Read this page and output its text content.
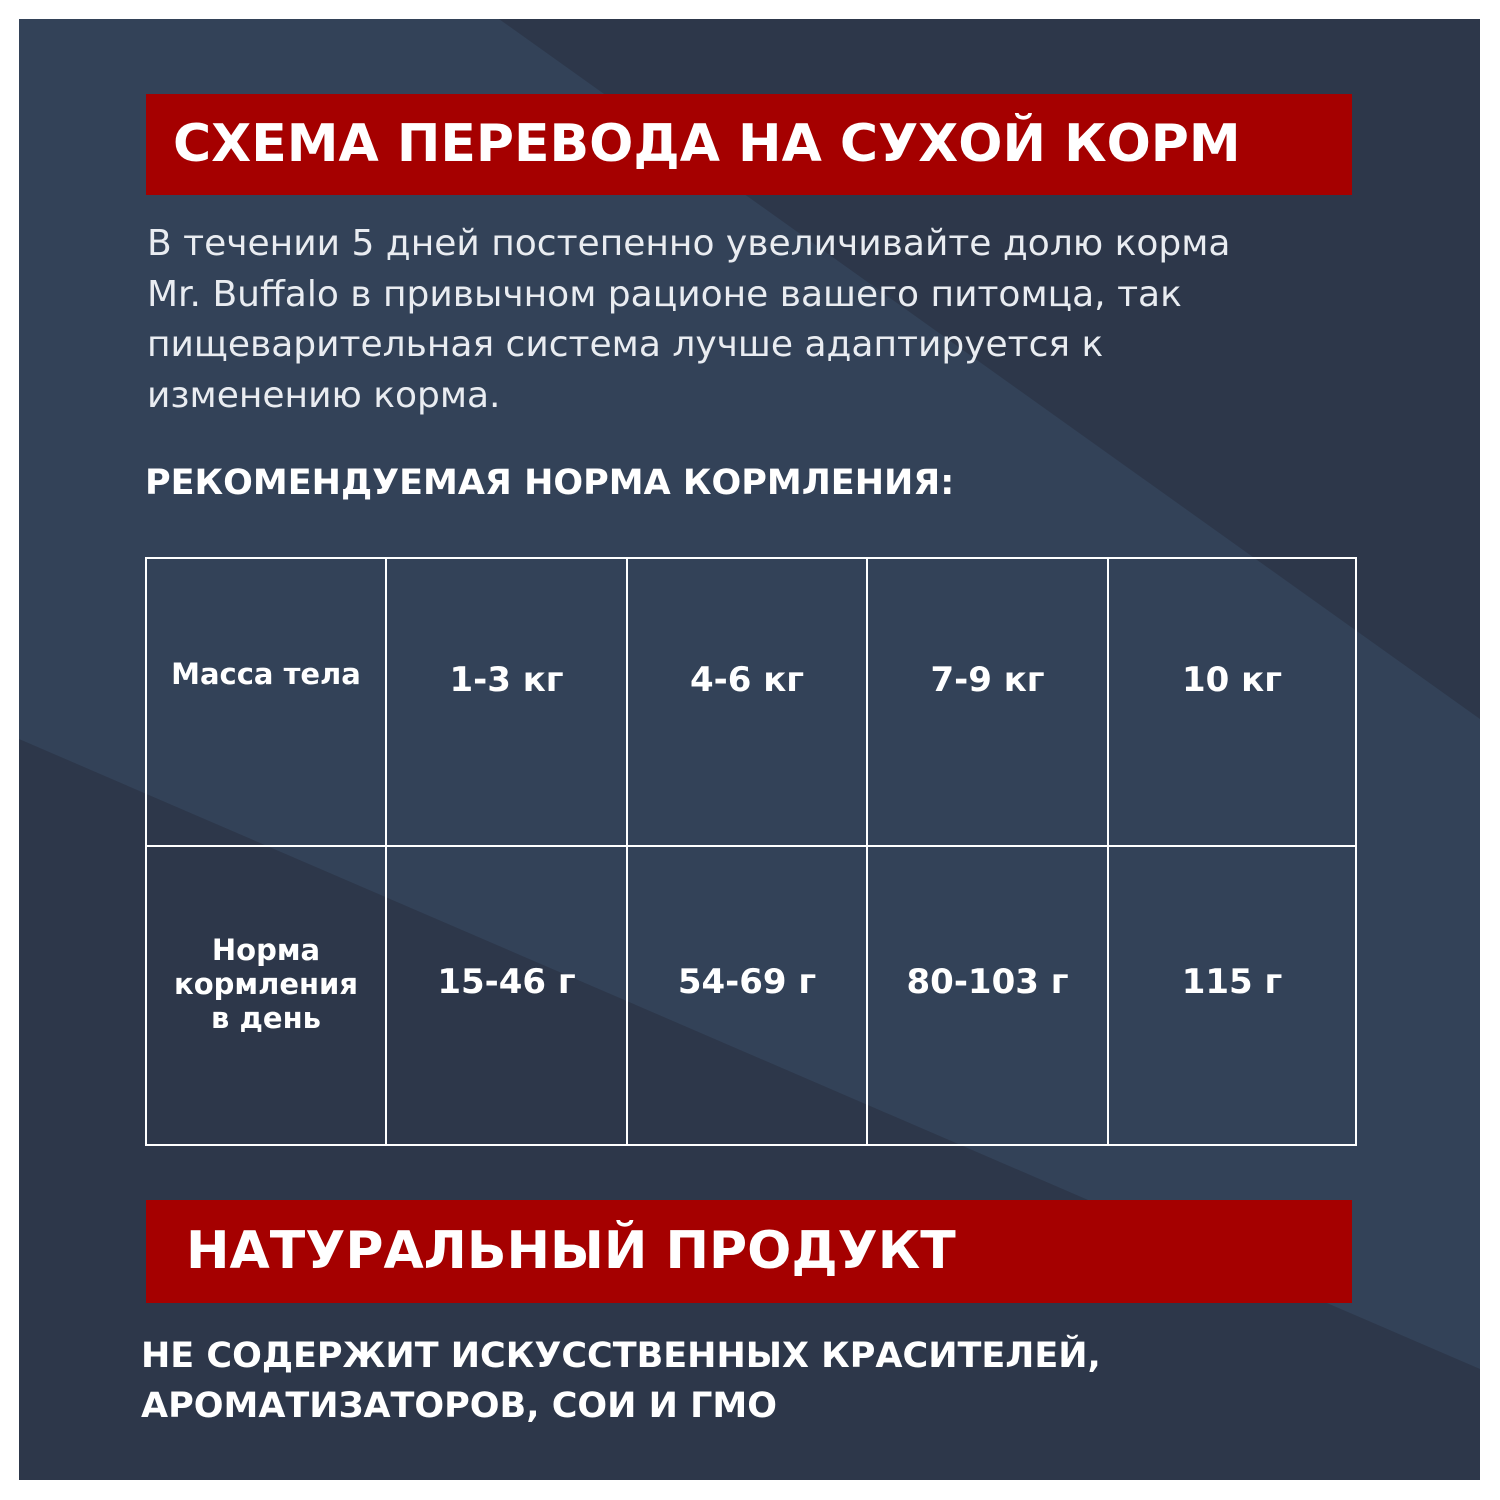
СХЕМА ПЕРЕВОДА НА СУХОЙ КОРМ
В течении 5 дней постепенно увеличивайте долю корма Mr. Buffalo в привычном рационе вашего питомца, так пищеварительная система лучше адаптируется к изменению корма.
РЕКОМЕНДУЕМАЯ НОРМА КОРМЛЕНИЯ:
Масса тела	1-3 кг	4-6 кг	7-9 кг	10 кг
Норма кормления в день	15-46 г	54-69 г	80-103 г	115 г
НАТУРАЛЬНЫЙ ПРОДУКТ
НЕ СОДЕРЖИТ ИСКУССТВЕННЫХ КРАСИТЕЛЕЙ, АРОМАТИЗАТОРОВ, СОИ И ГМО
